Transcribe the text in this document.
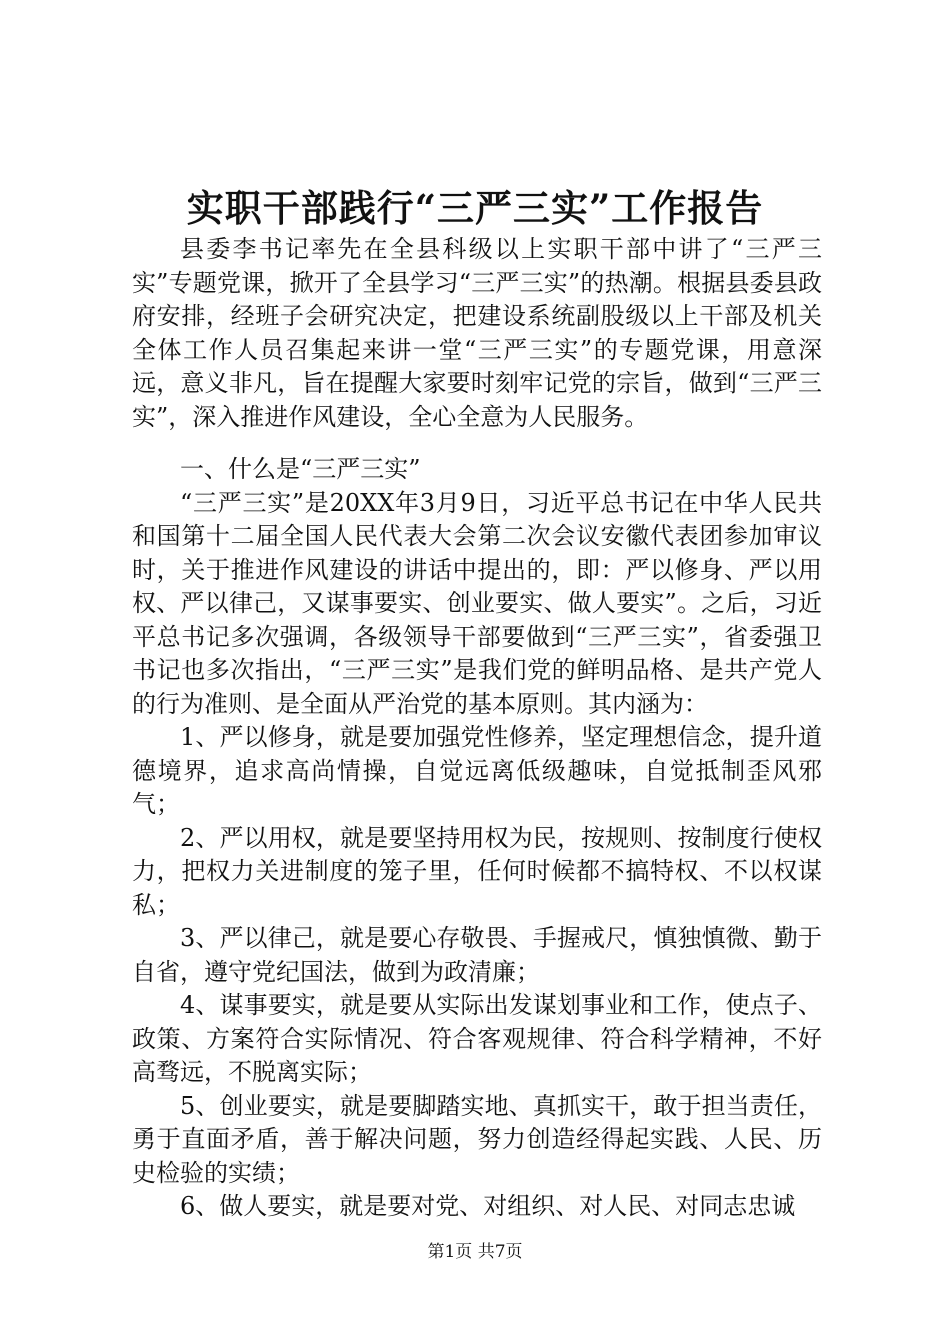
实职干部践行“三严三实”工作报告

县委李书记率先在全县科级以上实职干部中讲了“三严三实”专题党课，掀开了全县学习“三严三实”的热潮。根据县委县政府安排，经班子会研究决定，把建设系统副股级以上干部及机关全体工作人员召集起来讲一堂“三严三实”的专题党课，用意深远，意义非凡，旨在提醒大家要时刻牢记党的宗旨，做到“三严三实”，深入推进作风建设，全心全意为人民服务。

一、什么是“三严三实”

“三严三实”是20XX年3月9日，习近平总书记在中华人民共和国第十二届全国人民代表大会第二次会议安徽代表团参加审议时，关于推进作风建设的讲话中提出的，即：严以修身、严以用权、严以律己，又谋事要实、创业要实、做人要实”。之后，习近平总书记多次强调，各级领导干部要做到“三严三实”，省委强卫书记也多次指出，“三严三实”是我们党的鲜明品格、是共产党人的行为准则、是全面从严治党的基本原则。其内涵为：

1、严以修身，就是要加强党性修养，坚定理想信念，提升道德境界，追求高尚情操，自觉远离低级趣味，自觉抵制歪风邪气；

2、严以用权，就是要坚持用权为民，按规则、按制度行使权力，把权力关进制度的笼子里，任何时候都不搞特权、不以权谋私；

3、严以律己，就是要心存敬畏、手握戒尺，慎独慎微、勤于自省，遵守党纪国法，做到为政清廉；

4、谋事要实，就是要从实际出发谋划事业和工作，使点子、政策、方案符合实际情况、符合客观规律、符合科学精神，不好高骛远，不脱离实际；

5、创业要实，就是要脚踏实地、真抓实干，敢于担当责任，勇于直面矛盾，善于解决问题，努力创造经得起实践、人民、历史检验的实绩；

6、做人要实，就是要对党、对组织、对人民、对同志忠诚

第1页 共7页
